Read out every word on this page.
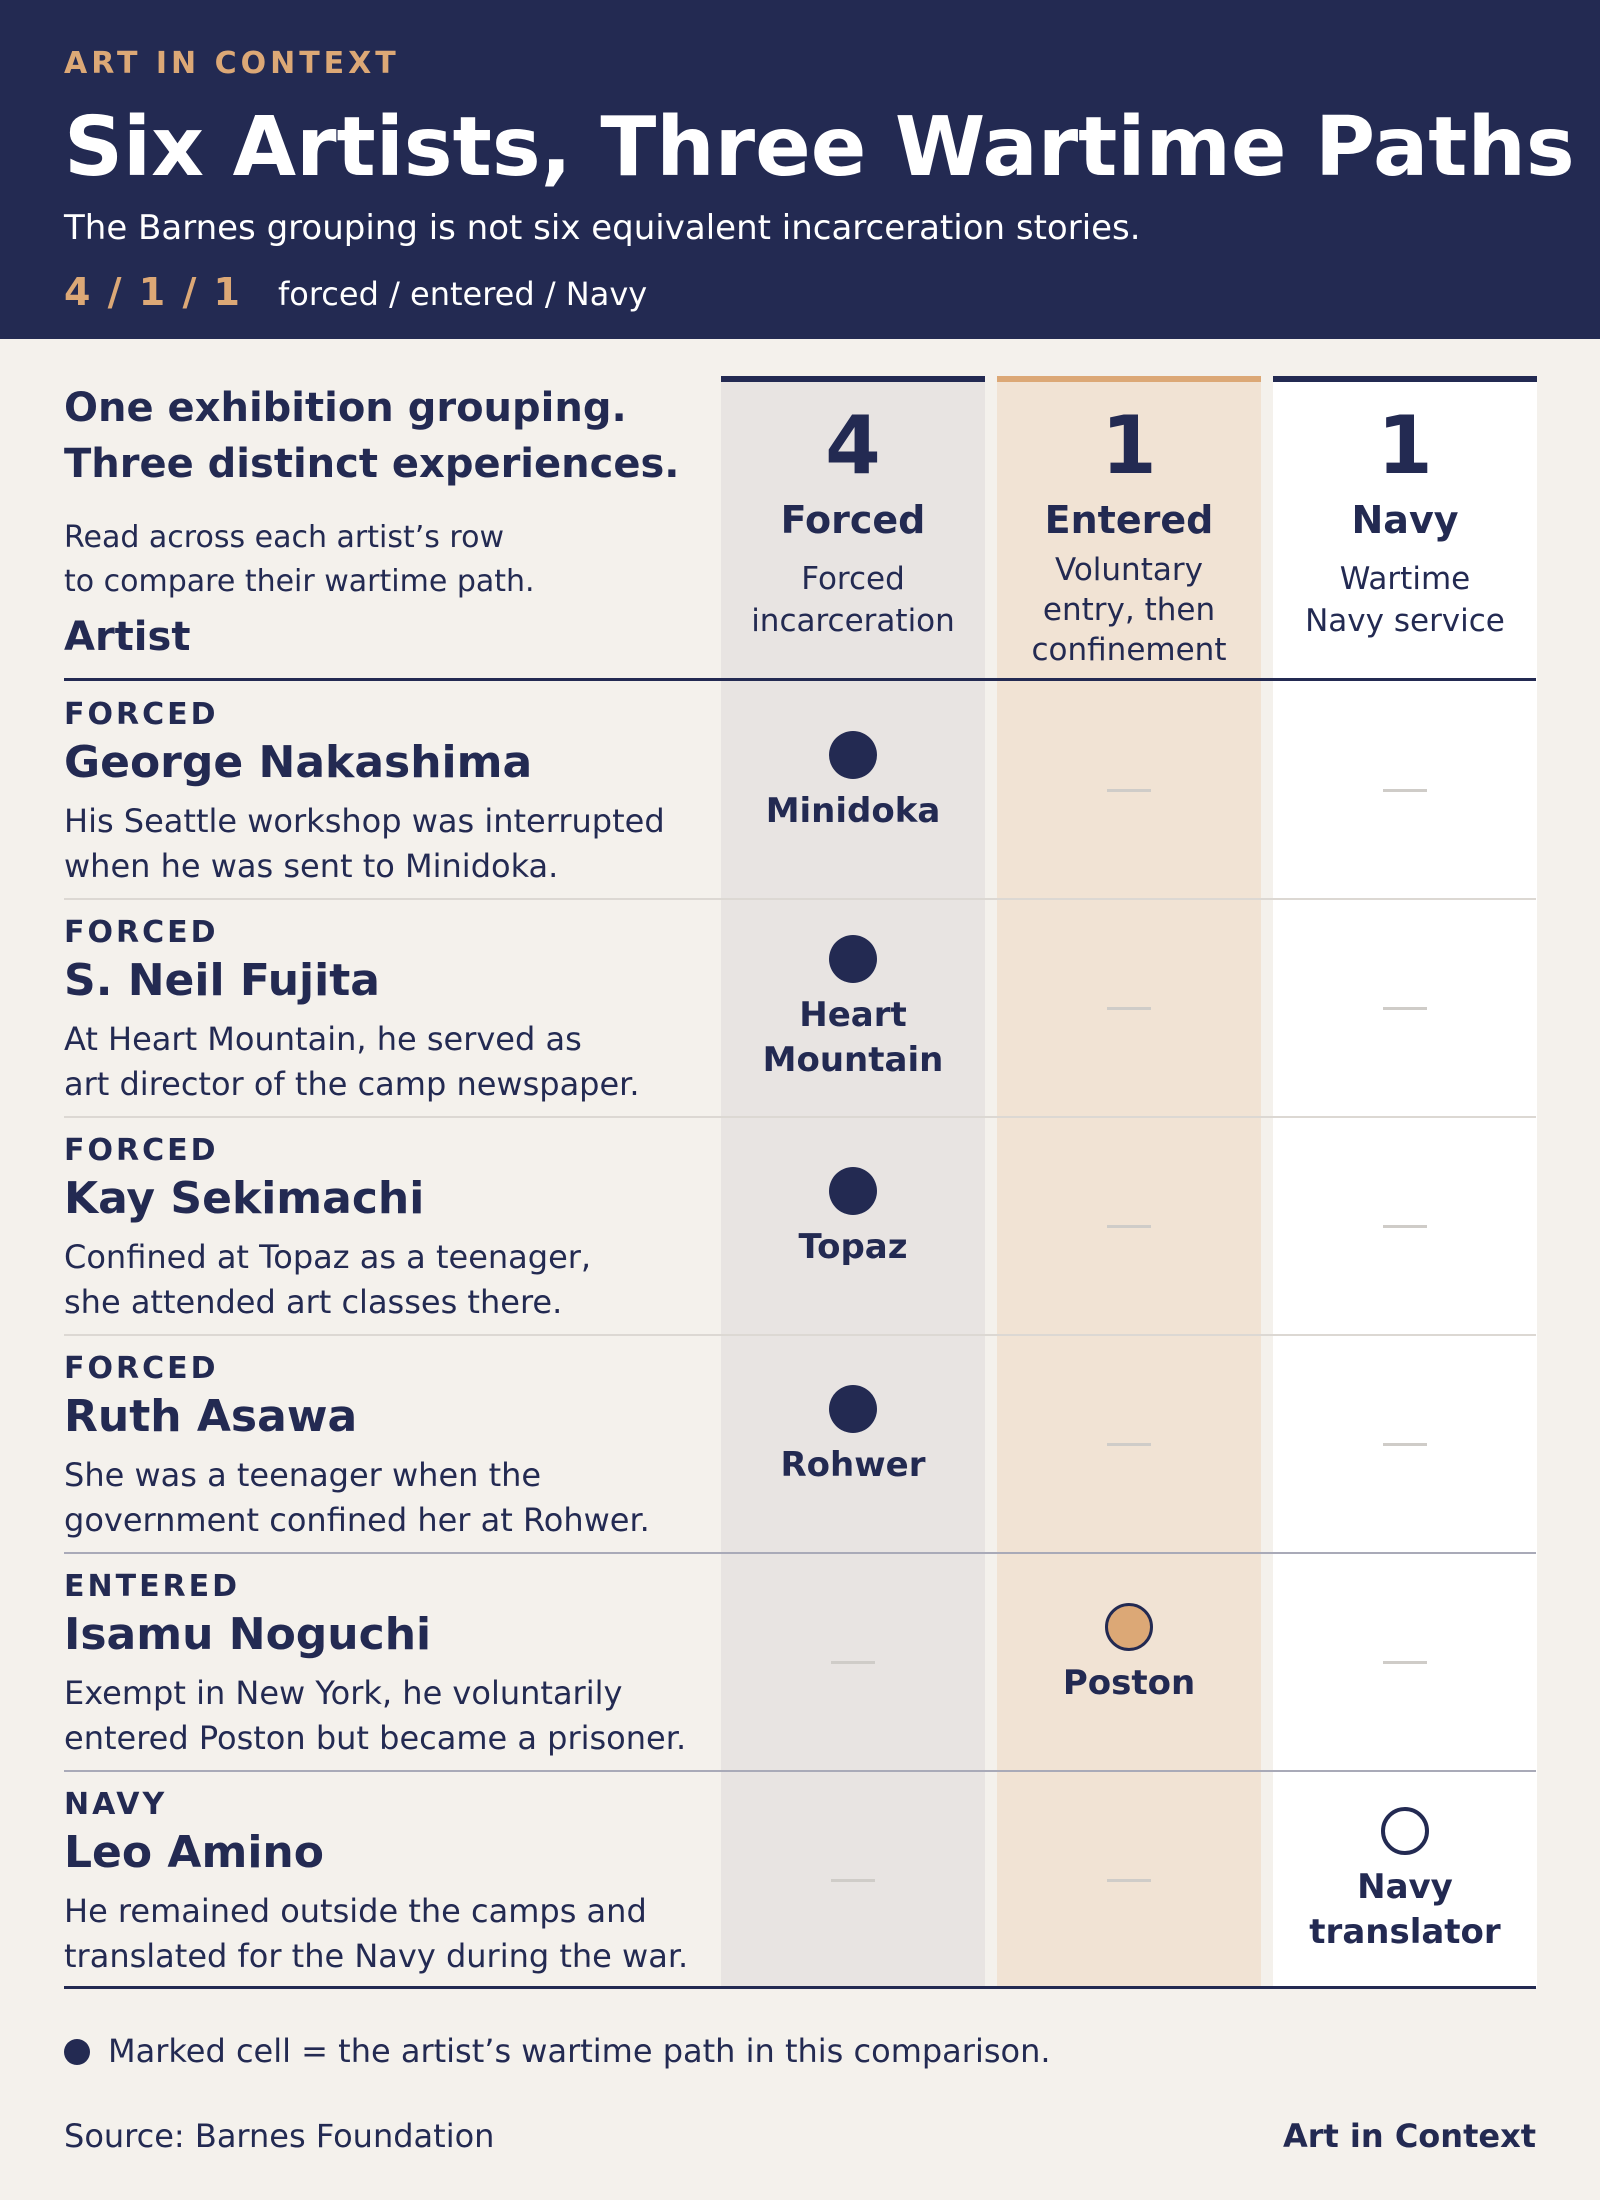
ART IN CONTEXT
Six Artists, Three Wartime Paths
The Barnes grouping is not six equivalent incarceration stories.
4 / 1 / 1 forced / entered / Navy
4
Forced
Forced
incarceration
1
Entered
Voluntary
entry, then
confinement
1
Navy
Wartime
Navy service
One exhibition grouping.
Three distinct experiences.
Read across each artist’s row
to compare their wartime path.
Artist
FORCED
George Nakashima
His Seattle workshop was interrupted
when he was sent to Minidoka.
Minidoka
FORCED
S. Neil Fujita
At Heart Mountain, he served as
art director of the camp newspaper.
Heart
Mountain
FORCED
Kay Sekimachi
Confined at Topaz as a teenager,
she attended art classes there.
Topaz
FORCED
Ruth Asawa
She was a teenager when the
government confined her at Rohwer.
Rohwer
ENTERED
Isamu Noguchi
Exempt in New York, he voluntarily
entered Poston but became a prisoner.
Poston
NAVY
Leo Amino
He remained outside the camps and
translated for the Navy during the war.
Navy
translator
Marked cell = the artist’s wartime path in this comparison.
Source: Barnes Foundation	Art in Context
